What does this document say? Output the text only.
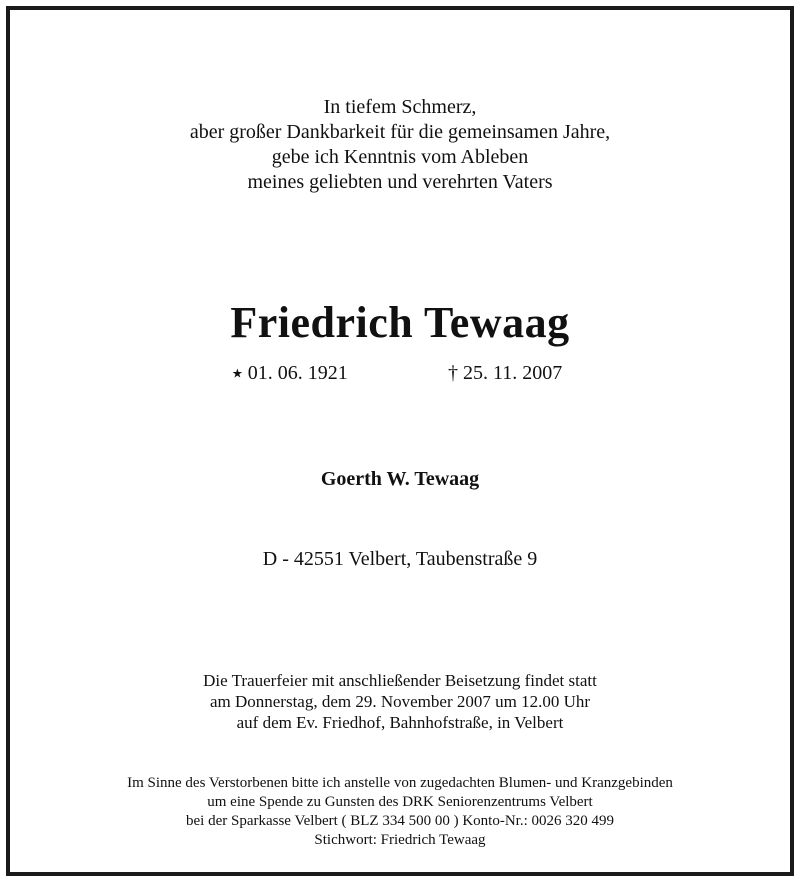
In tiefem Schmerz,
aber großer Dankbarkeit für die gemeinsamen Jahre,
gebe ich Kenntnis vom Ableben
meines geliebten und verehrten Vaters
Friedrich Tewaag
⭑ 01. 06. 1921	† 25. 11. 2007
Goerth W. Tewaag
D - 42551 Velbert, Taubenstraße 9
Die Trauerfeier mit anschließender Beisetzung findet statt
am Donnerstag, dem 29. November 2007 um 12.00 Uhr
auf dem Ev. Friedhof, Bahnhofstraße, in Velbert
Im Sinne des Verstorbenen bitte ich anstelle von zugedachten Blumen- und Kranzgebinden
um eine Spende zu Gunsten des DRK Seniorenzentrums Velbert
bei der Sparkasse Velbert ( BLZ 334 500 00 ) Konto-Nr.: 0026 320 499
Stichwort: Friedrich Tewaag
